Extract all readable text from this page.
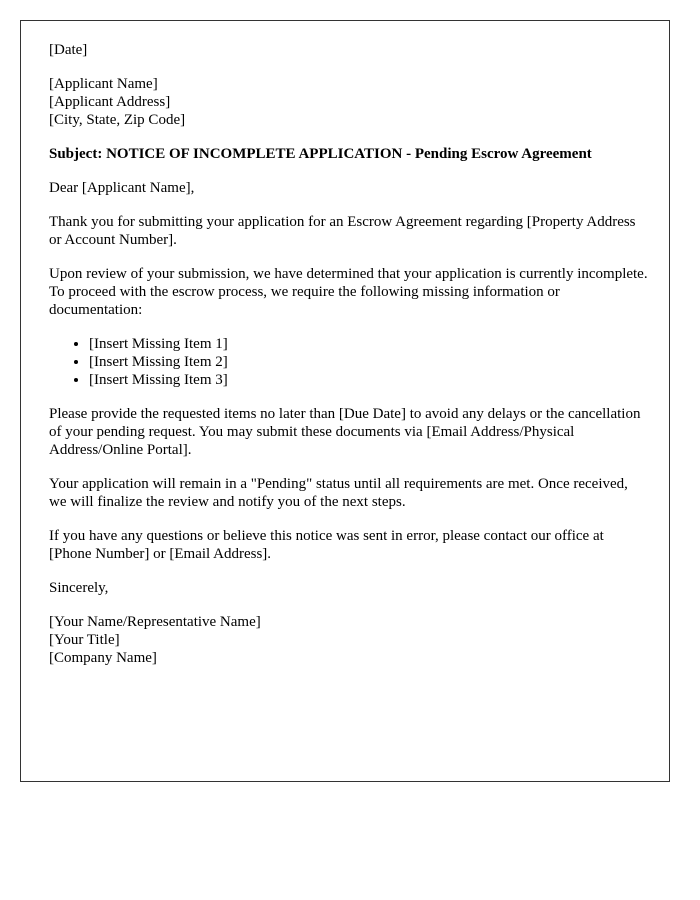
[Date]

[Applicant Name]
[Applicant Address]
[City, State, Zip Code]

Subject: NOTICE OF INCOMPLETE APPLICATION - Pending Escrow Agreement

Dear [Applicant Name],

Thank you for submitting your application for an Escrow Agreement regarding [Property Address or Account Number].

Upon review of your submission, we have determined that your application is currently incomplete. To proceed with the escrow process, we require the following missing information or documentation:

• [Insert Missing Item 1]
• [Insert Missing Item 2]
• [Insert Missing Item 3]

Please provide the requested items no later than [Due Date] to avoid any delays or the cancellation of your pending request. You may submit these documents via [Email Address/Physical Address/Online Portal].

Your application will remain in a "Pending" status until all requirements are met. Once received, we will finalize the review and notify you of the next steps.

If you have any questions or believe this notice was sent in error, please contact our office at [Phone Number] or [Email Address].

Sincerely,

[Your Name/Representative Name]
[Your Title]
[Company Name]
